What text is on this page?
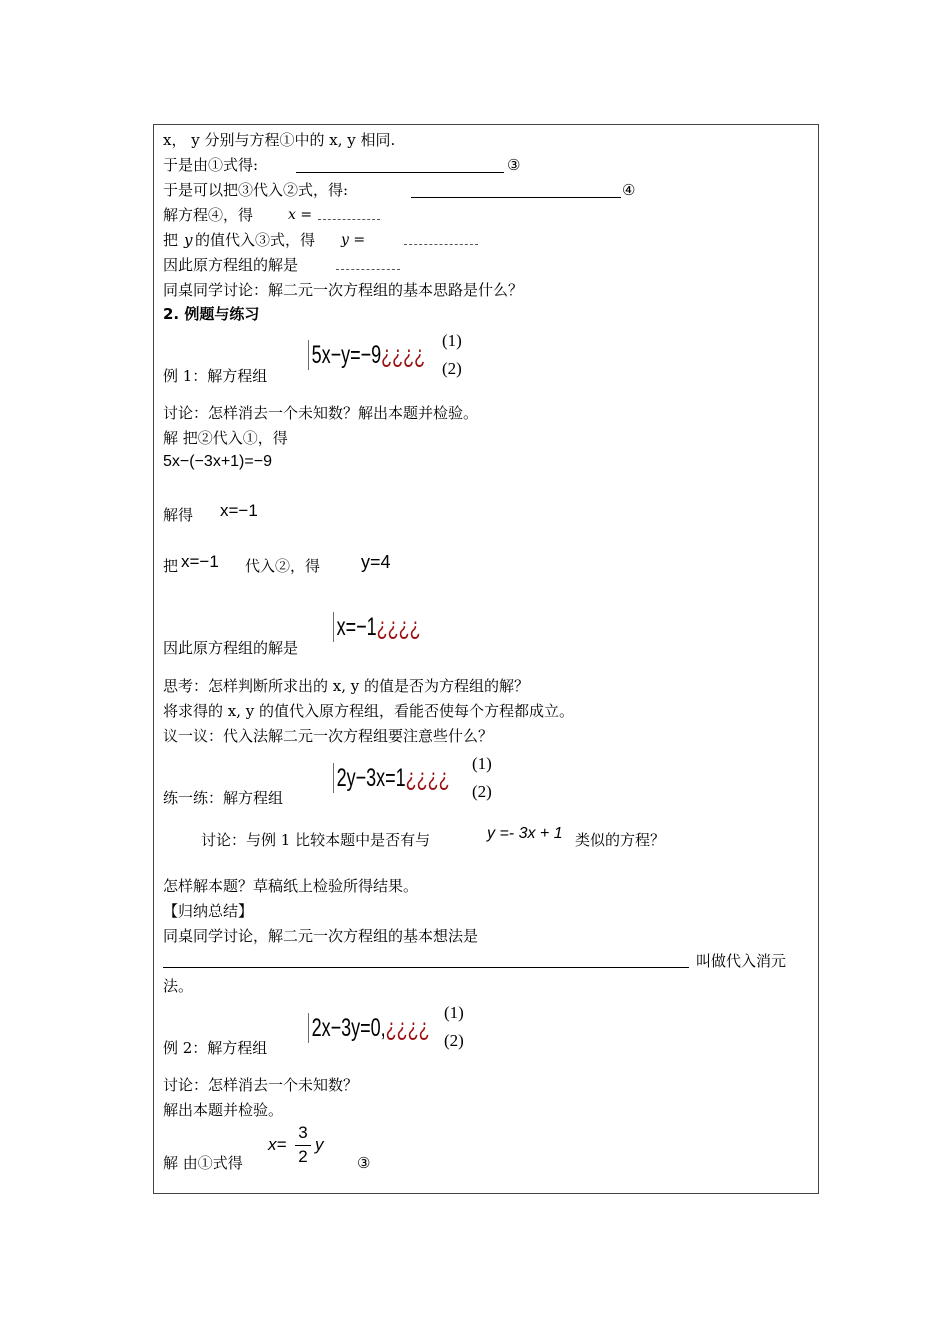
x， y 分别与方程①中的 x, y 相同.
于是由①式得:	③
于是可以把③代入②式，得:	④
解方程④，得 x =
把 y 的值代入③式，得 y =
因此原方程组的解是
同桌同学讨论：解二元一次方程组的基本思路是什么？
2. 例题与练习
例 1：解方程组
5x−y=−9¿¿¿¿
(1)
(2)
讨论：怎样消去一个未知数？解出本题并检验。
解 把②代入①，得
5x−(−3x+1)=−9
解得 x=−1
把 x=−1 代入②，得 y=4
因此原方程组的解是
x=−1¿¿¿¿
思考：怎样判断所求出的 x, y 的值是否为方程组的解？
将求得的 x, y 的值代入原方程组，看能否使每个方程都成立。
议一议：代入法解二元一次方程组要注意些什么？
练一练：解方程组
2y−3x=1¿¿¿¿
(1)
(2)
讨论：与例 1 比较本题中是否有与	y =- 3x + 1 类似的方程？
怎样解本题？草稿纸上检验所得结果。
【归纳总结】
同桌同学讨论，解二元一次方程组的基本想法是
叫做代入消元
法。
例 2：解方程组
2x−3y=0,¿¿¿¿
(1)
(2)
讨论：怎样消去一个未知数？
解出本题并检验。
解 由①式得
x=
3
2
y
③
